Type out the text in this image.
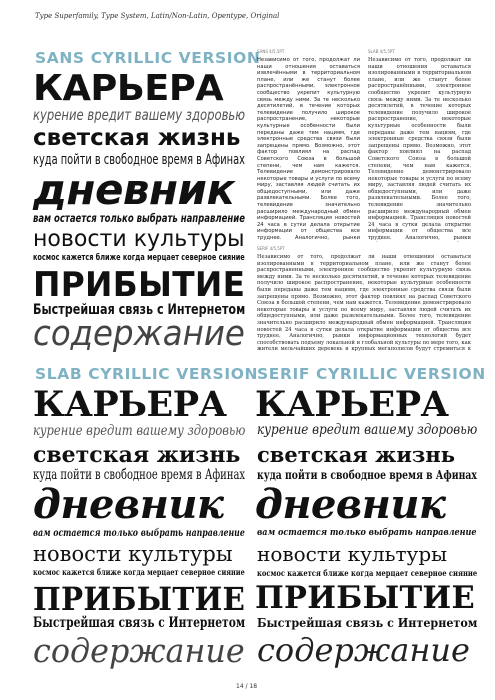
Type Superfamily, Type System, Latin/Non-Latin, Opentype, Original
SANS CYRILLIC VERSION
КАРЬЕРА
курение вредит вашему здоровью
светская жизнь
куда пойти в свободное время в Афинах
дневник
вам остается только выбрать направление
новости культуры
космос кажется ближе когда мерцает северное сияние
ПРИБЫТИЕ
Быстрейшая связь с Интернетом
содержание
SLAB CYRILLIC VERSION
КАРЬЕРА
курение вредит вашему здоровью
светская жизнь
куда пойти в свободное время в Афинах
дневник
вам остается только выбрать направление
новости культуры
космос кажется ближе когда мерцает северное сияние
ПРИБЫТИЕ
Быстрейшая связь с Интернетом
содержание
SERIF CYRILLIC VERSION
КАРЬЕРА
курение вредит вашему здоровью
светская жизнь
куда пойти в свободное время в Афинах
дневник
вам остается только выбрать направление
новости культуры
космос кажется ближе когда мерцает северное сияние
ПРИБЫТИЕ
Быстрейшая связь с Интернетом
содержание
SANS 4/5,5PT	SLAB 4/5,5PT
Независимо от того, продолжат ли наши отношения оставаться извлечёнными в территориальном плане, или же станут более распространёнными, электронное сообщество укрепит культурную связь между ними. За те несколько десятилетий, в течение которых телевидение получило широкое распространение, некоторые культурные особенности были переданы даже тем нациям, где электронные средства связи были запрещены прямо. Возможно, этот фактор повлиял на распад Советского Союза в большой степени, чем нам кажется. Телевидение демонстрировало некоторые товары и услуги по всему миру, заставляя людей считать их общедоступными, или даже развлекательными. Более того, телевидение значительно расширило международный обмен информацией. Трансляция новостей 24 часа в сутки делала открытие информации от общества все труднее. Аналогично, рынки
Независимо от того, продолжат ли наши отношения оставаться изолированными в территориальном плане, или же станут более распространёнными, электронное сообщество укрепит культурную связь между ними. За те несколько десятилетий, в течение которых телевидение получило широкое распространение, некоторые культурные особенности были переданы даже тем нациям, где электронные средства связи были запрещены прямо. Возможно, этот фактор повлиял на распад Советского Союза в большой степени, чем нам кажется. Телевидение демонстрировало некоторые товары и услуги по всему миру, заставляя людей считать их общедоступными, или даже развлекательными. Более того, телевидение значительно расширило международный обмен информацией. Трансляция новостей 24 часа в сутки делала открытие информации от общества все труднее. Аналогично, рынки
SERIF 4/5,5PT
Независимо от того, продолжат ли наши отношения оставаться изолированными в территориальном плане, или же станут более распространенными, электронное сообщество укрепит культурную связь между ними. За те несколько десятилетий, в течение которых телевидение получило широкое распространение, некоторые культурные особенности были переданы даже тем нациям, где электронные средства связи были запрещены прямо. Возможно, этот фактор повлиял на распад Советского Союза в большой степени, чем нам кажется. Телевидение демонстрировало некоторые товары и услуги по всему миру, заставляя людей считать их общедоступными, или даже развлекательными. Более того, телевидение значительно расширило международный обмен информацией. Трансляция новостей 24 часа в сутки делала открытие информации от общества все труднее. Аналогично, рынки информационных технологий будет способствовать подъему локальной и глобальной культуры по мере того, как жители мельчайших деревень и крупных мегаполисов будут стремиться к
14 / 18
